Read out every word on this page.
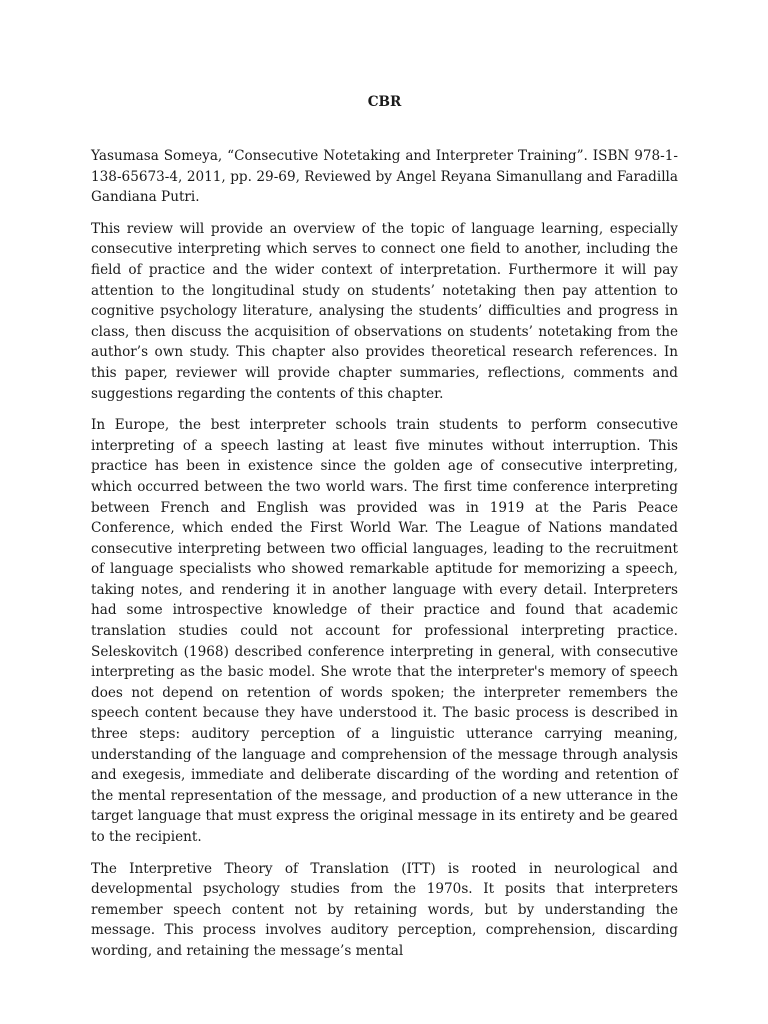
CBR

Yasumasa Someya, “Consecutive Notetaking and Interpreter Training”. ISBN 978-1-138-65673-4, 2011, pp. 29-69, Reviewed by Angel Reyana Simanullang and Faradilla Gandiana Putri.

This review will provide an overview of the topic of language learning, especially consecutive interpreting which serves to connect one field to another, including the field of practice and the wider context of interpretation. Furthermore it will pay attention to the longitudinal study on students’ notetaking then pay attention to cognitive psychology literature, analysing the students’ difficulties and progress in class, then discuss the acquisition of observations on students’ notetaking from the author’s own study. This chapter also provides theoretical research references. In this paper, reviewer will provide chapter summaries, reflections, comments and suggestions regarding the contents of this chapter.

In Europe, the best interpreter schools train students to perform consecutive interpreting of a speech lasting at least five minutes without interruption. This practice has been in existence since the golden age of consecutive interpreting, which occurred between the two world wars. The first time conference interpreting between French and English was provided was in 1919 at the Paris Peace Conference, which ended the First World War. The League of Nations mandated consecutive interpreting between two official languages, leading to the recruitment of language specialists who showed remarkable aptitude for memorizing a speech, taking notes, and rendering it in another language with every detail. Interpreters had some introspective knowledge of their practice and found that academic translation studies could not account for professional interpreting practice. Seleskovitch (1968) described conference interpreting in general, with consecutive interpreting as the basic model. She wrote that the interpreter's memory of speech does not depend on retention of words spoken; the interpreter remembers the speech content because they have understood it. The basic process is described in three steps: auditory perception of a linguistic utterance carrying meaning, understanding of the language and comprehension of the message through analysis and exegesis, immediate and deliberate discarding of the wording and retention of the mental representation of the message, and production of a new utterance in the target language that must express the original message in its entirety and be geared to the recipient.

The Interpretive Theory of Translation (ITT) is rooted in neurological and developmental psychology studies from the 1970s. It posits that interpreters remember speech content not by retaining words, but by understanding the message. This process involves auditory perception, comprehension, discarding wording, and retaining the message’s mental
